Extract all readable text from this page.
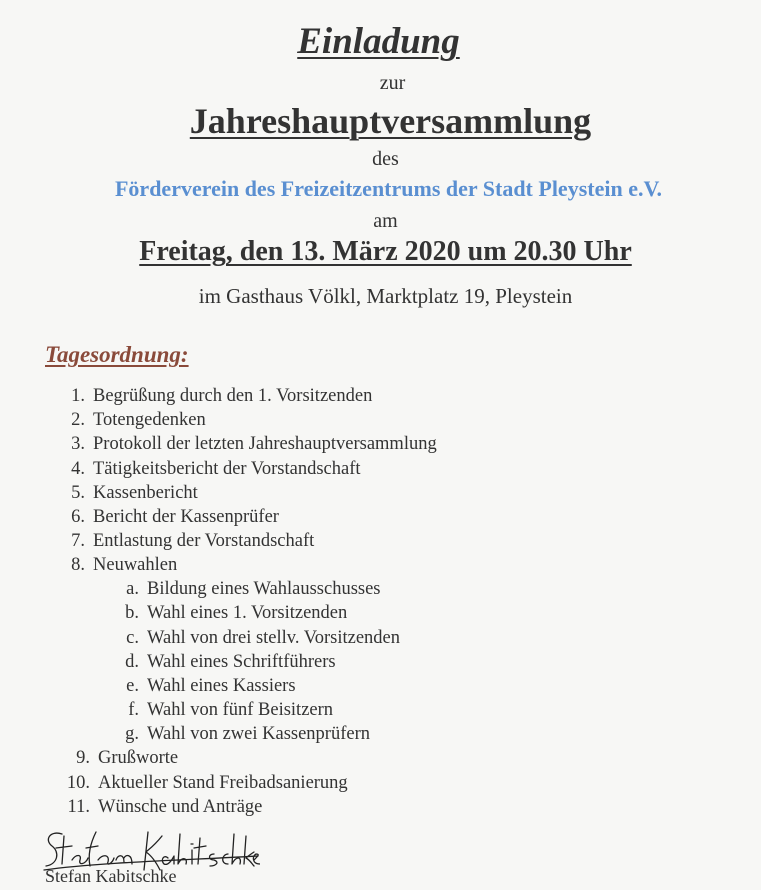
Einladung
zur
Jahreshauptversammlung
des
Förderverein des Freizeitzentrums der Stadt Pleystein e.V.
am
Freitag, den 13. März 2020 um 20.30 Uhr
im Gasthaus Völkl, Marktplatz 19, Pleystein
Tagesordnung:
1. Begrüßung durch den 1. Vorsitzenden
2. Totengedenken
3. Protokoll der letzten Jahreshauptversammlung
4. Tätigkeitsbericht der Vorstandschaft
5. Kassenbericht
6. Bericht der Kassenprüfer
7. Entlastung der Vorstandschaft
8. Neuwahlen
a. Bildung eines Wahlausschusses
b. Wahl eines 1. Vorsitzenden
c. Wahl von drei stellv. Vorsitzenden
d. Wahl eines Schriftführers
e. Wahl eines Kassiers
f. Wahl von fünf Beisitzern
g. Wahl von zwei Kassenprüfern
9. Grußworte
10. Aktueller Stand Freibadsanierung
11. Wünsche und Anträge
Stefan Kabitschke
